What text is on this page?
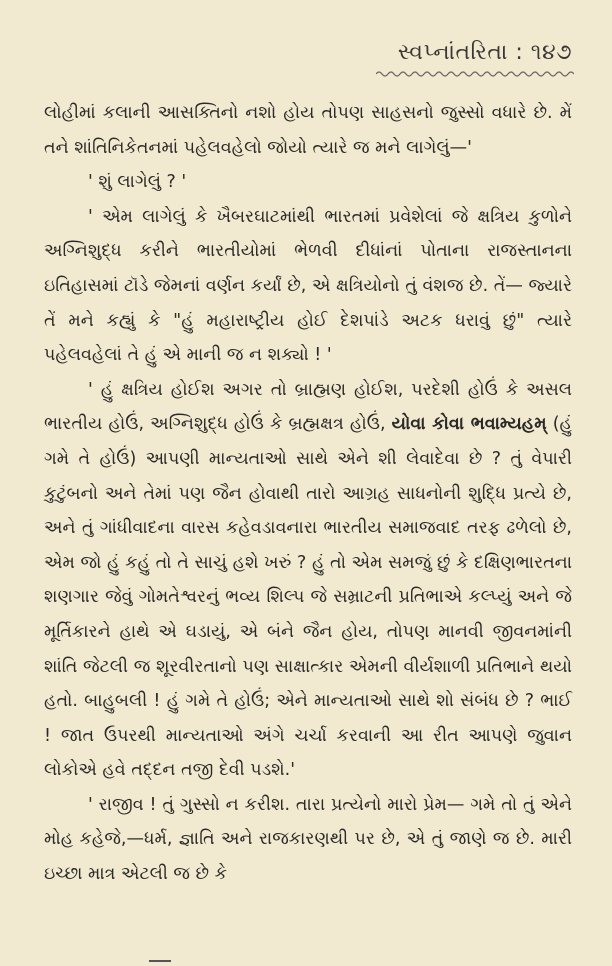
સ્વપ્નાંતરિતા : ૧૪૭

લોહીમાં કલાની આસક્તિનો નશો હોય તોપણ સાહસનો જુસ્સો વધારે છે. મેં તને શાંતિનિકેતનમાં પહેલવહેલો જોયો ત્યારે જ મને લાગેલું—'

' શું લાગેલું ? '

' એમ લાગેલું કે ખૈબરઘાટમાંથી ભારતમાં પ્રવેશેલાં જે ક્ષત્રિય કુળોને અગ્નિશુદ્ધ કરીને ભારતીયોમાં ભેળવી દીધાંનાં પોતાના રાજસ્તાનના ઇતિહાસમાં ટૉડે જેમનાં વર્ણન કર્યાં છે, એ ક્ષત્રિયોનો તું વંશજ છે. તેં— જ્યારે તેં મને કહ્યું કે "હું મહારાષ્ટ્રીય હોઈ દેશપાંડે અટક ધરાવું છું" ત્યારે પહેલવહેલાં તે હું એ માની જ ન શક્યો ! '

' હું ક્ષત્રિય હોઈશ અગર તો બ્રાહ્મણ હોઈશ, પરદેશી હોઉં કે અસલ ભારતીય હોઉં, અગ્નિશુદ્ધ હોઉં કે બ્રહ્મક્ષત્ર હોઉં, યોવા કોવા ભવામ્યહમ્ (હું ગમે તે હોઉં) આપણી માન્યતાઓ સાથે એને શી લેવાદેવા છે ? તું વેપારી કુટુંબનો અને તેમાં પણ જૈન હોવાથી તારો આગ્રહ સાધનોની શુદ્ધિ પ્રત્યે છે, અને તું ગાંધીવાદના વારસ કહેવડાવનારા ભારતીય સમાજવાદ તરફ ઢળેલો છે, એમ જો હું કહું તો તે સાચું હશે ખરું ? હું તો એમ સમજું છું કે દક્ષિણભારતના શણગાર જેવું ગોમતેશ્વરનું ભવ્ય શિલ્પ જે સમ્રાટની પ્રતિભાએ કલ્પ્યું અને જે મૂર્તિકારને હાથે એ ઘડાયું, એ બંને જૈન હોય, તોપણ માનવી જીવનમાંની શાંતિ જેટલી જ શૂરવીરતાનો પણ સાક્ષાત્કાર એમની વીર્યશાળી પ્રતિભાને થયો હતો. બાહુબલી ! હું ગમે તે હોઉં; એને માન્યતાઓ સાથે શો સંબંધ છે ? ભાઈ ! જાત ઉપરથી માન્યતાઓ અંગે ચર્ચા કરવાની આ રીત આપણે જુવાન લોકોએ હવે તદ્દન તજી દેવી પડશે.'

' રાજીવ ! તું ગુસ્સો ન કરીશ. તારા પ્રત્યેનો મારો પ્રેમ— ગમે તો તું એને મોહ કહેજે,—ધર્મ, જ્ઞાતિ અને રાજકારણથી પર છે, એ તું જાણે જ છે. મારી ઇચ્છા માત્ર એટલી જ છે કે
